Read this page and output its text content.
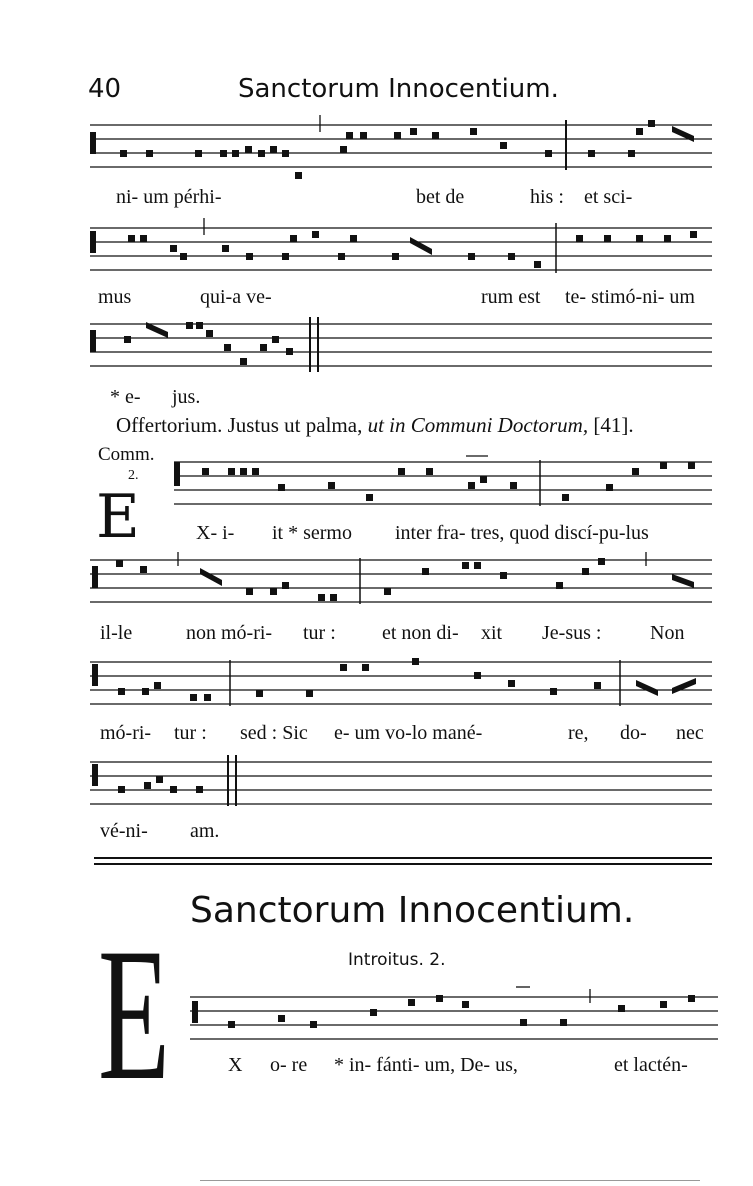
40	Sanctorum Innocentium.
ni- um pérhi-	bet de	his : et sci-
mus	qui-a ve-	rum est te- stimó-ni- um
* e- jus.
Offertorium. Justus ut palma, ut in Communi Doctorum, [41].
Comm.
2.
E	X- i- it * sermo inter fra- tres, quod discí-pu-lus
il-le	non mó-ri- tur : et non di- xit Je-sus : Non
mó-ri- tur : sed : Sic e- um vo-lo mané-	re, do- nec
vé-ni- am.
Sanctorum Innocentium.
Introitus. 2.
E	X o- re * in- fánti- um, De- us,	et lactén-
